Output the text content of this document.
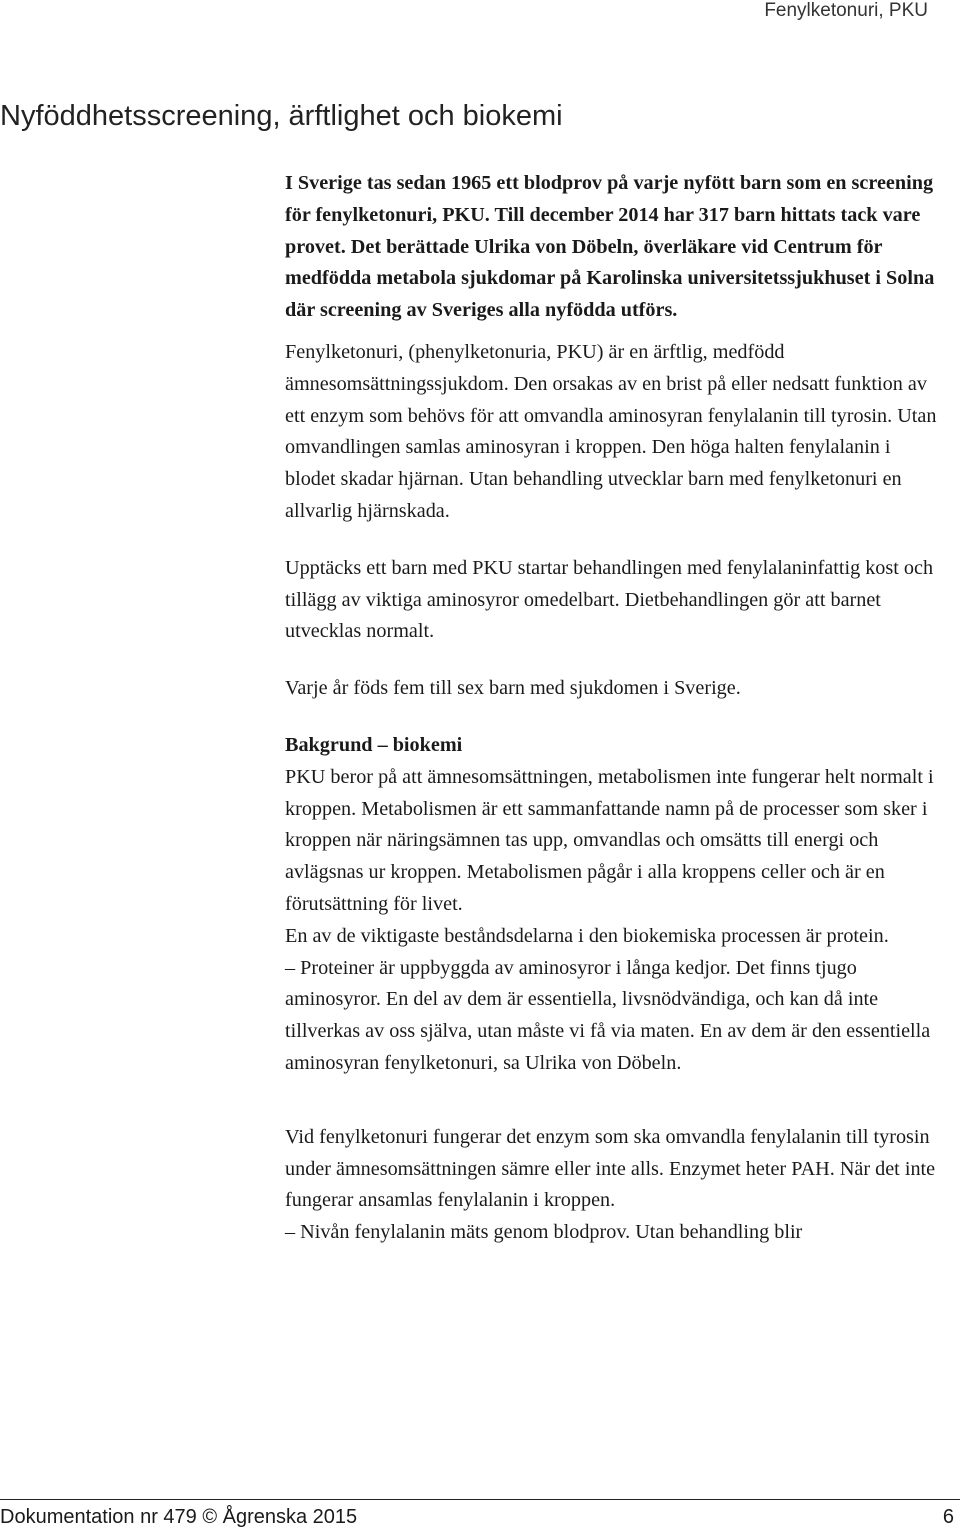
Fenylketonuri, PKU
Nyföddhetsscreening, ärftlighet och biokemi

I Sverige tas sedan 1965 ett blodprov på varje nyfött barn som en screening för fenylketonuri, PKU. Till december 2014 har 317 barn hittats tack vare provet. Det berättade Ulrika von Döbeln, överläkare vid Centrum för medfödda metabola sjukdomar på Karolinska universitetssjukhuset i Solna där screening av Sveriges alla nyfödda utförs.

Fenylketonuri, (phenylketonuria, PKU) är en ärftlig, medfödd ämnesomsättningssjukdom. Den orsakas av en brist på eller nedsatt funktion av ett enzym som behövs för att omvandla aminosyran fenylalanin till tyrosin. Utan omvandlingen samlas aminosyran i kroppen. Den höga halten fenylalanin i blodet skadar hjärnan. Utan behandling utvecklar barn med fenylketonuri en allvarlig hjärnskada.

Upptäcks ett barn med PKU startar behandlingen med fenylalaninfattig kost och tillägg av viktiga aminosyror omedelbart. Dietbehandlingen gör att barnet utvecklas normalt.

Varje år föds fem till sex barn med sjukdomen i Sverige.

Bakgrund – biokemi

PKU beror på att ämnesomsättningen, metabolismen inte fungerar helt normalt i kroppen. Metabolismen är ett sammanfattande namn på de processer som sker i kroppen när näringsämnen tas upp, omvandlas och omsätts till energi och avlägsnas ur kroppen. Metabolismen pågår i alla kroppens celler och är en förutsättning för livet.

En av de viktigaste beståndsdelarna i den biokemiska processen är protein.

– Proteiner är uppbyggda av aminosyror i långa kedjor. Det finns tjugo aminosyror. En del av dem är essentiella, livsnödvändiga, och kan då inte tillverkas av oss själva, utan måste vi få via maten. En av dem är den essentiella aminosyran fenylketonuri, sa Ulrika von Döbeln.

Vid fenylketonuri fungerar det enzym som ska omvandla fenylalanin till tyrosin under ämnesomsättningen sämre eller inte alls. Enzymet heter PAH. När det inte fungerar ansamlas fenylalanin i kroppen.

– Nivån fenylalanin mäts genom blodprov. Utan behandling blir

Dokumentation nr 479 © Ågrenska 2015	6
